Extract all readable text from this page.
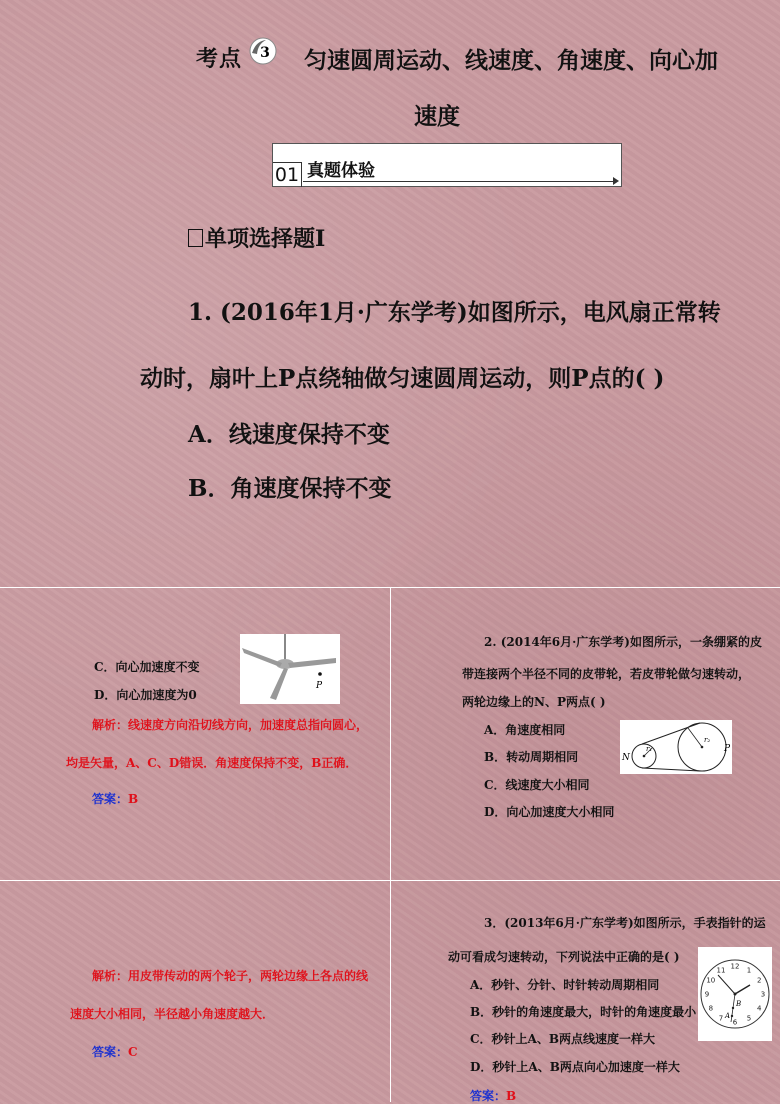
考点 3 匀速圆周运动、线速度、角速度、向心加
速度
01 真题体验
单项选择题Ⅰ
1. (2016年1月·广东学考)如图所示，电风扇正常转
动时，扇叶上P点绕轴做匀速圆周运动，则P点的( )
A．线速度保持不变
B．角速度保持不变
C．向心加速度不变
D．向心加速度为0
P
解析：线速度方向沿切线方向，加速度总指向圆心，
均是矢量，A、C、D错误．角速度保持不变，B正确．
答案：B
2. (2014年6月·广东学考)如图所示，一条绷紧的皮
带连接两个半径不同的皮带轮，若皮带轮做匀速转动，
两轮边缘上的N、P两点( )
A．角速度相同
B．转动周期相同
C．线速度大小相同
D．向心加速度大小相同
N
r₁
r₂
P
解析：用皮带传动的两个轮子，两轮边缘上各点的线
速度大小相同，半径越小角速度越大．
答案：C
3．(2013年6月·广东学考)如图所示，手表指针的运
动可看成匀速转动，下列说法中正确的是( )
A．秒针、分针、时针转动周期相同
B．秒针的角速度最大，时针的角速度最小
C．秒针上A、B两点线速度一样大
D．秒针上A、B两点向心加速度一样大
答案：B
12 1
2
3
4
5
6
7
8
9
10
11
B
A
